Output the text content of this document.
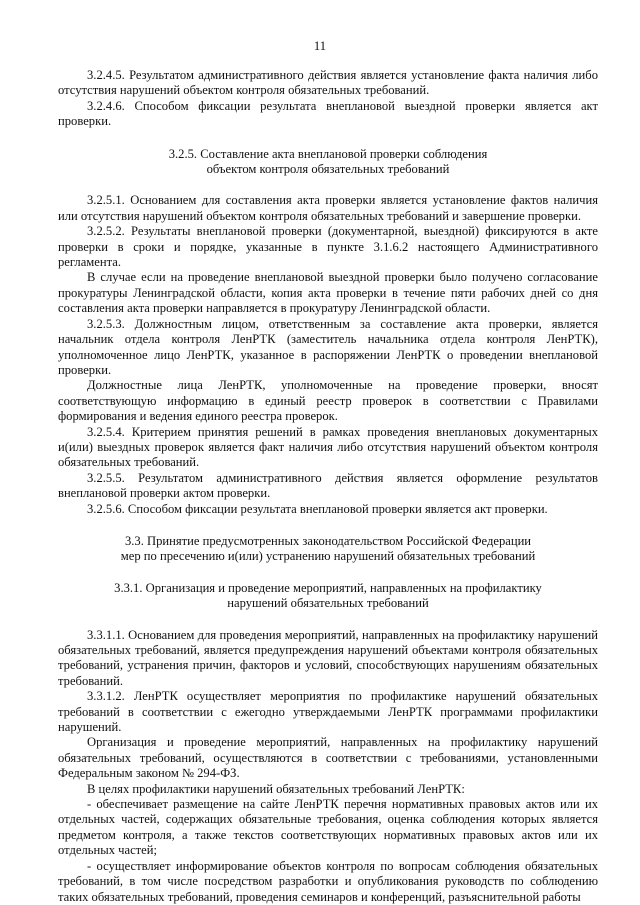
11

3.2.4.5. Результатом административного действия является установление факта наличия либо отсутствия нарушений объектом контроля обязательных требований.

3.2.4.6. Способом фиксации результата внеплановой выездной проверки является акт проверки.

3.2.5. Составление акта внеплановой проверки соблюдения

объектом контроля обязательных требований

3.2.5.1. Основанием для составления акта проверки является установление фактов наличия или отсутствия нарушений объектом контроля обязательных требований и завершение проверки.

3.2.5.2. Результаты внеплановой проверки (документарной, выездной) фиксируются в акте проверки в сроки и порядке, указанные в пункте 3.1.6.2 настоящего Административного регламента.

В случае если на проведение внеплановой выездной проверки было получено согласование прокуратуры Ленинградской области, копия акта проверки в течение пяти рабочих дней со дня составления акта проверки направляется в прокуратуру Ленинградской области.

3.2.5.3. Должностным лицом, ответственным за составление акта проверки, является начальник отдела контроля ЛенРТК (заместитель начальника отдела контроля ЛенРТК), уполномоченное лицо ЛенРТК, указанное в распоряжении ЛенРТК о проведении внеплановой проверки.

Должностные лица ЛенРТК, уполномоченные на проведение проверки, вносят соответствующую информацию в единый реестр проверок в соответствии с Правилами формирования и ведения единого реестра проверок.

3.2.5.4. Критерием принятия решений в рамках проведения внеплановых документарных и(или) выездных проверок является факт наличия либо отсутствия нарушений объектом контроля обязательных требований.

3.2.5.5. Результатом административного действия является оформление результатов внеплановой проверки актом проверки.

3.2.5.6. Способом фиксации результата внеплановой проверки является акт проверки.

3.3. Принятие предусмотренных законодательством Российской Федерации

мер по пресечению и(или) устранению нарушений обязательных требований

3.3.1. Организация и проведение мероприятий, направленных на профилактику

нарушений обязательных требований

3.3.1.1. Основанием для проведения мероприятий, направленных на профилактику нарушений обязательных требований, является предупреждения нарушений объектами контроля обязательных требований, устранения причин, факторов и условий, способствующих нарушениям обязательных требований.

3.3.1.2. ЛенРТК осуществляет мероприятия по профилактике нарушений обязательных требований в соответствии с ежегодно утверждаемыми ЛенРТК программами профилактики нарушений.

Организация и проведение мероприятий, направленных на профилактику нарушений обязательных требований, осуществляются в соответствии с требованиями, установленными Федеральным законом № 294-ФЗ.

В целях профилактики нарушений обязательных требований ЛенРТК:

- обеспечивает размещение на сайте ЛенРТК перечня нормативных правовых актов или их отдельных частей, содержащих обязательные требования, оценка соблюдения которых является предметом контроля, а также текстов соответствующих нормативных правовых актов или их отдельных частей;

- осуществляет информирование объектов контроля по вопросам соблюдения обязательных требований, в том числе посредством разработки и опубликования руководств по соблюдению таких обязательных требований, проведения семинаров и конференций, разъяснительной работы
